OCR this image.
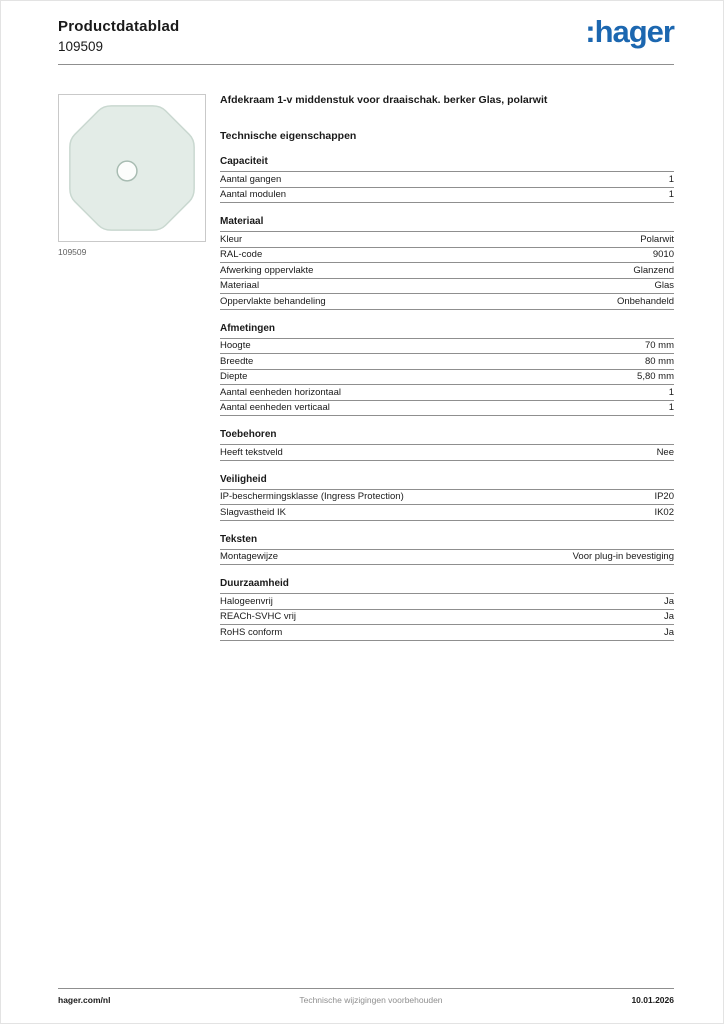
Productdatablad
109509	:hager
109509
Afdekraam 1-v middenstuk voor draaischak. berker Glas, polarwit
Technische eigenschappen
Capaciteit
Aantal gangen	1
Aantal modulen	1
Materiaal
Kleur	Polarwit
RAL-code	9010
Afwerking oppervlakte	Glanzend
Materiaal	Glas
Oppervlakte behandeling	Onbehandeld
Afmetingen
Hoogte	70 mm
Breedte	80 mm
Diepte	5,80 mm
Aantal eenheden horizontaal	1
Aantal eenheden verticaal	1
Toebehoren
Heeft tekstveld	Nee
Veiligheid
IP-beschermingsklasse (Ingress Protection)	IP20
Slagvastheid IK	IK02
Teksten
Montagewijze	Voor plug-in bevestiging
Duurzaamheid
Halogeenvrij	Ja
REACh-SVHC vrij	Ja
RoHS conform	Ja
hager.com/nl	Technische wijzigingen voorbehouden	10.01.2026
